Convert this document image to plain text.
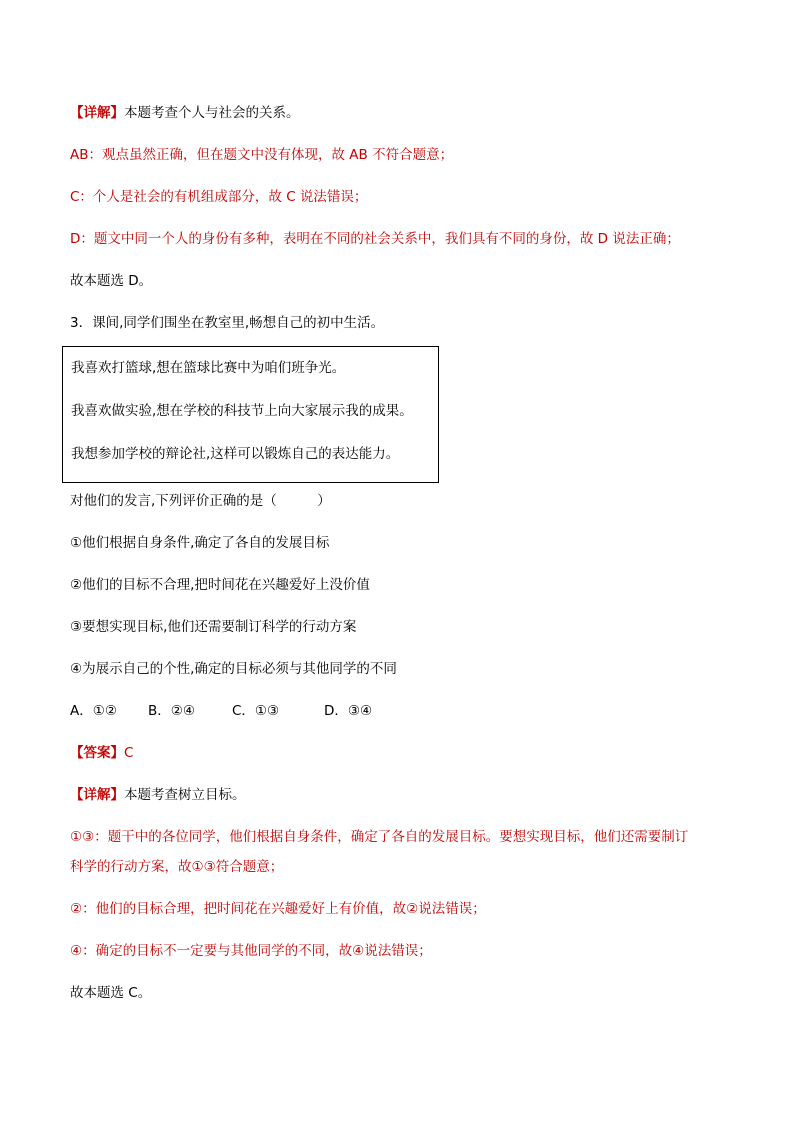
【详解】本题考查个人与社会的关系。
AB：观点虽然正确，但在题文中没有体现，故 AB 不符合题意；
C：个人是社会的有机组成部分，故 C 说法错误；
D：题文中同一个人的身份有多种，表明在不同的社会关系中，我们具有不同的身份，故 D 说法正确；
故本题选 D。
3．课间,同学们围坐在教室里,畅想自己的初中生活。
我喜欢打篮球,想在篮球比赛中为咱们班争光。
我喜欢做实验,想在学校的科技节上向大家展示我的成果。
我想参加学校的辩论社,这样可以锻炼自己的表达能力。
对他们的发言,下列评价正确的是（　　　）
①他们根据自身条件,确定了各自的发展目标
②他们的目标不合理,把时间花在兴趣爱好上没价值
③要想实现目标,他们还需要制订科学的行动方案
④为展示自己的个性,确定的目标必须与其他同学的不同
A．①② B．②④	C．①③	D．③④
【答案】C
【详解】本题考查树立目标。
①③：题干中的各位同学，他们根据自身条件，确定了各自的发展目标。要想实现目标，他们还需要制订
科学的行动方案，故①③符合题意；
②：他们的目标合理，把时间花在兴趣爱好上有价值，故②说法错误；
④：确定的目标不一定要与其他同学的不同，故④说法错误；
故本题选 C。
